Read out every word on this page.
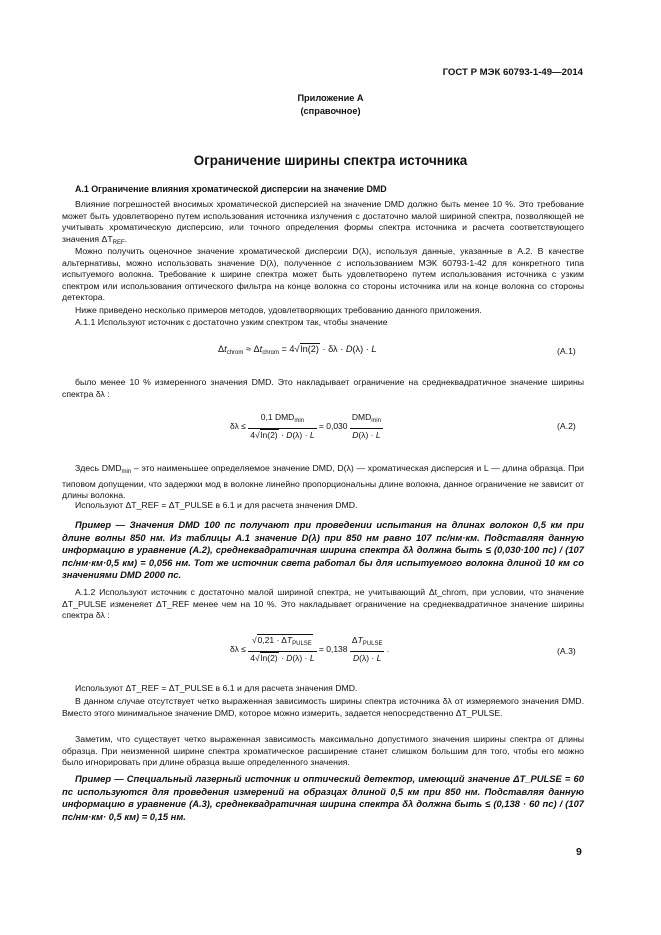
ГОСТ Р МЭК 60793-1-49—2014
Приложение А
(справочное)
Ограничение ширины спектра источника
А.1 Ограничение влияния хроматической дисперсии на значение DMD

Влияние погрешностей вносимых хроматической дисперсией на значение DMD должно быть менее 10 %. Это требование может быть удовлетворено путем использования источника излучения с достаточно малой шириной спектра, позволяющей не учитывать хроматическую дисперсию, или точного определения формы спектра источника и расчета соответствующего значения $\Delta T_{REF}$.

Можно получить оценочное значение хроматической дисперсии D(λ), используя данные, указанные в А.2. В качестве альтернативы, можно использовать значение D(λ), полученное с использованием МЭК 60793-1-42 для конкретного типа испытуемого волокна. Требование к ширине спектра может быть удовлетворено путем использования источника с узким спектром или использования оптического фильтра на конце волокна со стороны источника или на конце волокна со стороны детектора.

Ниже приведено несколько примеров методов, удовлетворяющих требованию данного приложения.

А.1.1 Используют источник с достаточно узким спектром так, чтобы значение

$\Delta t_{chrom} \approx \Delta t_{chrom} = 4√\ln(2) \cdot \delta\lambda \cdot D(\lambda) \cdot L$	(А.1)

было менее 10 % измеренного значения DMD. Это накладывает ограничение на среднеквадратичное значение ширины спектра δλ :

$\delta\lambda \le \frac{0,1 DMD_{min}}{4√\ln(2) \cdot D(\lambda) \cdot L} = 0,030 \frac{DMD_{min}}{D(\lambda) \cdot L}$	(А.2)

Здесь $DMD_{min}$ – это наименьшее определяемое значение DMD, D(λ) — хроматическая дисперсия и L — длина образца. При типовом допущении, что задержки мод в волокне линейно пропорциональны длине волокна, данное ограничение не зависит от длины волокна.

Используют ΔT_REF = ΔT_PULSE в 6.1 и для расчета значения DMD.

Пример — Значения DMD 100 пс получают при проведении испытания на длинах волокон 0,5 км при длине волны 850 нм. Из таблицы А.1 значение D(λ) при 850 нм равно 107 пс/нм·км. Подставляя данную информацию в уравнение (А.2), среднеквадратичная ширина спектра δλ должна быть ≤ (0,030·100 пс) / (107 пс/нм·км·0,5 км) = 0,056 нм. Тот же источник света работал бы для испытуемого волокна длиной 10 км со значениями DMD 2000 пс.

А.1.2 Используют источник с достаточно малой шириной спектра, не учитывающий Δt_chrom, при условии, что значение ΔT_PULSE изменеяет ΔT_REF менее чем на 10 %. Это накладывает ограничение на среднеквадратичное значение ширины спектра δλ :

$\delta\lambda \le \frac{√0,21 \cdot \Delta T_{PULSE}}{4√\ln(2) \cdot D(\lambda) \cdot L} = 0,138 \frac{\Delta T_{PULSE}}{D(\lambda) \cdot L}$ .	(А.3)

Используют ΔT_REF = ΔT_PULSE в 6.1 и для расчета значения DMD.

В данном случае отсутствует четко выраженная зависимость ширины спектра источника δλ от измеряемого значения DMD. Вместо этого минимальное значение DMD, которое можно измерить, задается непосредственно ΔT_PULSE.

Заметим, что существует четко выраженная зависимость максимально допустимого значения ширины спектра от длины образца. При неизменной ширине спектра хроматическое расширение станет слишком большим для того, чтобы его можно было игнорировать при длине образца выше определенного значения.

Пример — Специальный лазерный источник и оптический детектор, имеющий значение ΔT_PULSE = 60 пс используются для проведения измерений на образцах длиной 0,5 км при 850 нм. Подставляя данную информацию в уравнение (А.3), среднеквадратичная ширина спектра δλ должна быть ≤ (0,138 · 60 пс) / (107 пс/нм·км· 0,5 км) = 0,15 нм.

9
